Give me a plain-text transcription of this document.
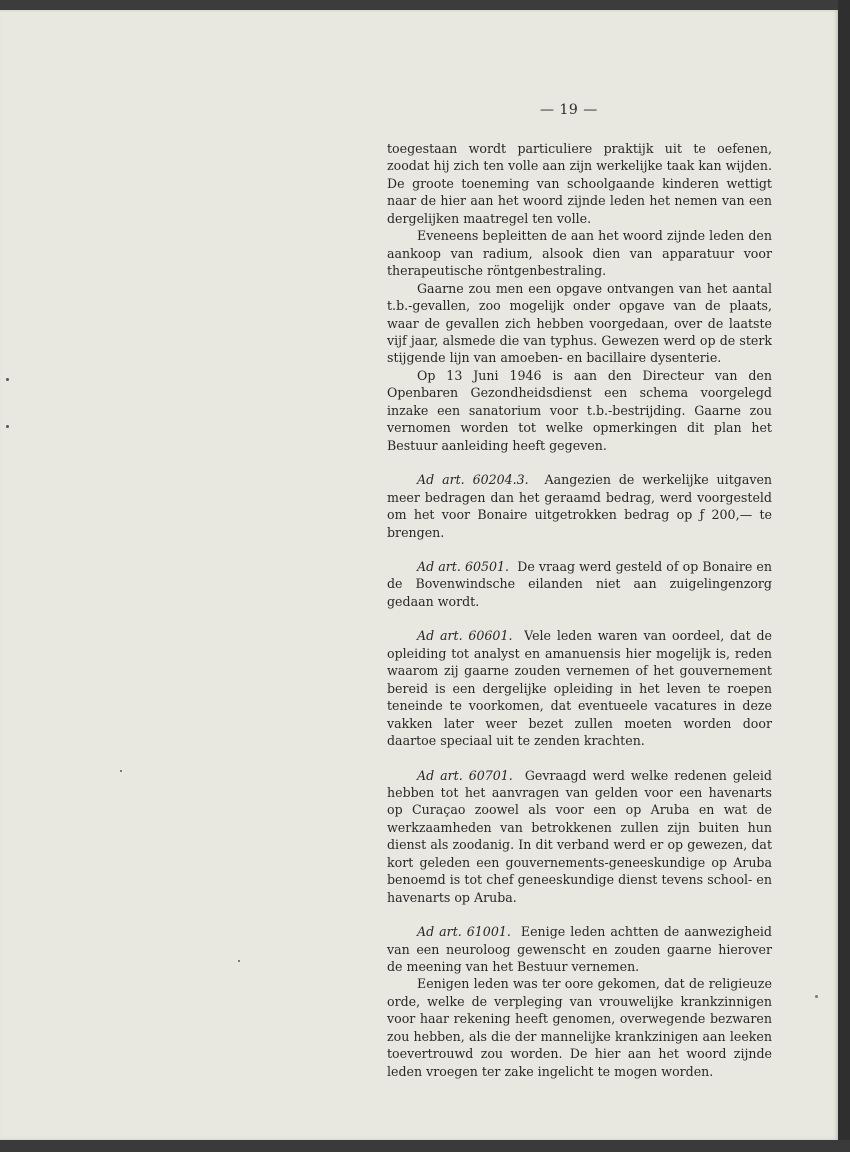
— 19 —

toegestaan wordt particuliere praktijk uit te oefenen, zoodat hij zich ten volle aan zijn werkelijke taak kan wijden. De groote toeneming van schoolgaande kinderen wettigt naar de hier aan het woord zijnde leden het nemen van een dergelijken maatregel ten volle.

Eveneens bepleitten de aan het woord zijnde leden den aankoop van radium, alsook dien van apparatuur voor therapeutische röntgenbestraling.

Gaarne zou men een opgave ontvangen van het aantal t.b.-gevallen, zoo mogelijk onder opgave van de plaats, waar de gevallen zich hebben voorgedaan, over de laatste vijf jaar, alsmede die van typhus. Gewezen werd op de sterk stijgende lijn van amoeben- en bacillaire dysenterie.

Op 13 Juni 1946 is aan den Directeur van den Openbaren Gezondheidsdienst een schema voorgelegd inzake een sanatorium voor t.b.-bestrijding. Gaarne zou vernomen worden tot welke opmerkingen dit plan het Bestuur aanleiding heeft gegeven.

Ad art. 60204.3. Aangezien de werkelijke uitgaven meer bedragen dan het geraamd bedrag, werd voorgesteld om het voor Bonaire uitgetrokken bedrag op ƒ 200,— te brengen.

Ad art. 60501. De vraag werd gesteld of op Bonaire en de Bovenwindsche eilanden niet aan zuigelingenzorg gedaan wordt.

Ad art. 60601. Vele leden waren van oordeel, dat de opleiding tot analyst en amanuensis hier mogelijk is, reden waarom zij gaarne zouden vernemen of het gouvernement bereid is een dergelijke opleiding in het leven te roepen teneinde te voorkomen, dat eventueele vacatures in deze vakken later weer bezet zullen moeten worden door daartoe speciaal uit te zenden krachten.

Ad art. 60701. Gevraagd werd welke redenen geleid hebben tot het aanvragen van gelden voor een havenarts op Curaçao zoowel als voor een op Aruba en wat de werkzaamheden van betrokkenen zullen zijn buiten hun dienst als zoodanig. In dit verband werd er op gewezen, dat kort geleden een gouvernements-geneeskundige op Aruba benoemd is tot chef geneeskundige dienst tevens school- en havenarts op Aruba.

Ad art. 61001. Eenige leden achtten de aanwezigheid van een neuroloog gewenscht en zouden gaarne hierover de meening van het Bestuur vernemen.

Eenigen leden was ter oore gekomen, dat de religieuze orde, welke de verpleging van vrouwelijke krankzinnigen voor haar rekening heeft genomen, overwegende bezwaren zou hebben, als die der mannelijke krankzinigen aan leeken toevertrouwd zou worden. De hier aan het woord zijnde leden vroegen ter zake ingelicht te mogen worden.
